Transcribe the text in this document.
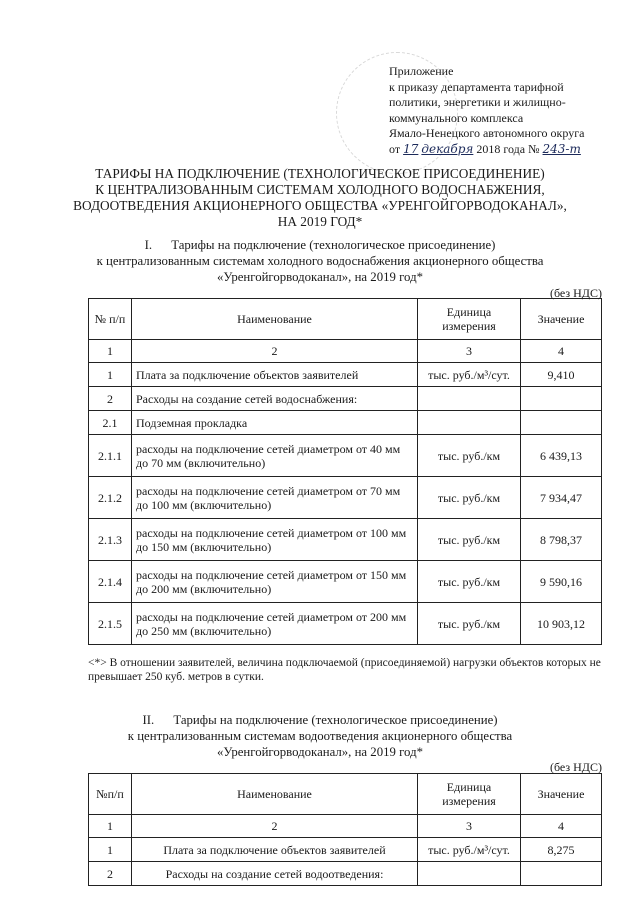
Приложение
к приказу департамента тарифной
политики, энергетики и жилищно-
коммунального комплекса
Ямало-Ненецкого автономного округа
от 17 декабря 2018 года № 243-т
ТАРИФЫ НА ПОДКЛЮЧЕНИЕ (ТЕХНОЛОГИЧЕСКОЕ ПРИСОЕДИНЕНИЕ)
К ЦЕНТРАЛИЗОВАННЫМ СИСТЕМАМ ХОЛОДНОГО ВОДОСНАБЖЕНИЯ,
ВОДООТВЕДЕНИЯ АКЦИОНЕРНОГО ОБЩЕСТВА «УРЕНГОЙГОРВОДОКАНАЛ»,
НА 2019 ГОД*
I.      Тарифы на подключение (технологическое присоединение)
к централизованным системам холодного водоснабжения акционерного общества
«Уренгойгорводоканал», на 2019 год*
(без НДС)
№ п/п	Наименование	Единица измерения	Значение
1	2	3	4
1	Плата за подключение объектов заявителей	тыс. руб./м³/сут.	9,410
2	Расходы на создание сетей водоснабжения:		
2.1	Подземная прокладка		
2.1.1	расходы на подключение сетей диаметром от 40 мм до 70 мм (включительно)	тыс. руб./км	6 439,13
2.1.2	расходы на подключение сетей диаметром от 70 мм до 100 мм (включительно)	тыс. руб./км	7 934,47
2.1.3	расходы на подключение сетей диаметром от 100 мм до 150 мм (включительно)	тыс. руб./км	8 798,37
2.1.4	расходы на подключение сетей диаметром от 150 мм до 200 мм (включительно)	тыс. руб./км	9 590,16
2.1.5	расходы на подключение сетей диаметром от 200 мм до 250 мм (включительно)	тыс. руб./км	10 903,12
<*> В отношении заявителей, величина подключаемой (присоединяемой) нагрузки объектов которых не превышает 250 куб. метров в сутки.
II.      Тарифы на подключение (технологическое присоединение)
к централизованным системам водоотведения акционерного общества
«Уренгойгорводоканал», на 2019 год*
(без НДС)
№п/п	Наименование	Единица измерения	Значение
1	2	3	4
1	Плата за подключение объектов заявителей	тыс. руб./м³/сут.	8,275
2	Расходы на создание сетей водоотведения:		
